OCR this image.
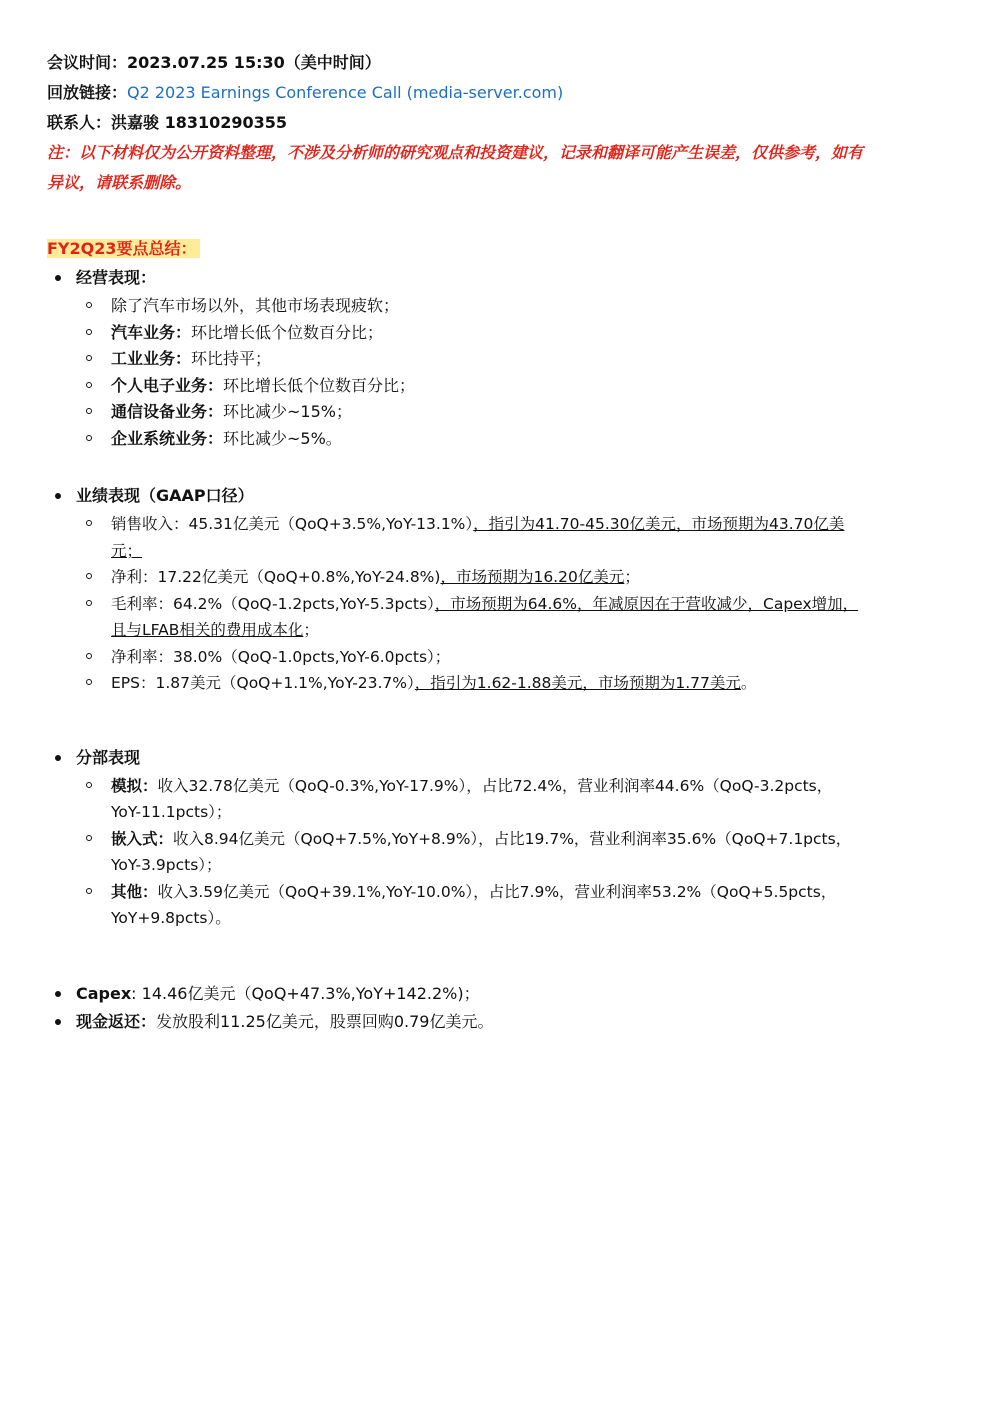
会议时间：2023.07.25 15:30（美中时间）
回放链接：Q2 2023 Earnings Conference Call (media-server.com)
联系人：洪嘉骏 18310290355
注：以下材料仅为公开资料整理，不涉及分析师的研究观点和投资建议，记录和翻译可能产生误差，仅供参考，如有
异议，请联系删除。
FY2Q23要点总结：
经营表现：
除了汽车市场以外，其他市场表现疲软；
汽车业务：环比增长低个位数百分比；
工业业务：环比持平；
个人电子业务：环比增长低个位数百分比；
通信设备业务：环比减少~15%；
企业系统业务：环比减少~5%。
业绩表现（GAAP口径）
销售收入：45.31亿美元（QoQ+3.5%,YoY-13.1%），指引为41.70-45.30亿美元，市场预期为43.70亿美
元；
净利：17.22亿美元（QoQ+0.8%,YoY-24.8%)，市场预期为16.20亿美元；
毛利率：64.2%（QoQ-1.2pcts,YoY-5.3pcts），市场预期为64.6%，年减原因在于营收减少，Capex增加，
且与LFAB相关的费用成本化；
净利率：38.0%（QoQ-1.0pcts,YoY-6.0pcts）；
EPS：1.87美元（QoQ+1.1%,YoY-23.7%），指引为1.62-1.88美元，市场预期为1.77美元。
分部表现
模拟：收入32.78亿美元（QoQ-0.3%,YoY-17.9%），占比72.4%，营业利润率44.6%（QoQ-3.2pcts，
YoY-11.1pcts）；
嵌入式：收入8.94亿美元（QoQ+7.5%,YoY+8.9%），占比19.7%，营业利润率35.6%（QoQ+7.1pcts，
YoY-3.9pcts）；
其他：收入3.59亿美元（QoQ+39.1%,YoY-10.0%），占比7.9%，营业利润率53.2%（QoQ+5.5pcts，
YoY+9.8pcts）。
Capex: 14.46亿美元（QoQ+47.3%,YoY+142.2%)；
现金返还：发放股利11.25亿美元，股票回购0.79亿美元。
